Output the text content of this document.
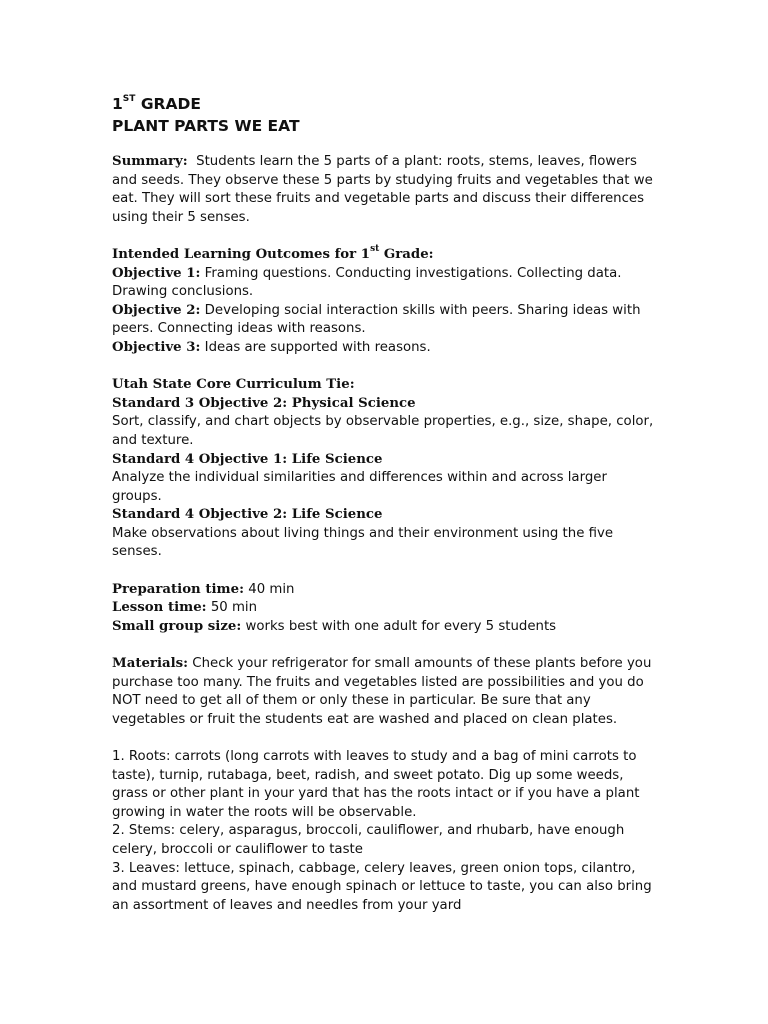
1ST GRADE
PLANT PARTS WE EAT

Summary: Students learn the 5 parts of a plant: roots, stems, leaves, flowers and seeds. They observe these 5 parts by studying fruits and vegetables that we eat. They will sort these fruits and vegetable parts and discuss their differences using their 5 senses.

Intended Learning Outcomes for 1st Grade:

Objective 1: Framing questions. Conducting investigations. Collecting data. Drawing conclusions.

Objective 2: Developing social interaction skills with peers. Sharing ideas with peers. Connecting ideas with reasons.

Objective 3: Ideas are supported with reasons.

Utah State Core Curriculum Tie:

Standard 3 Objective 2: Physical Science

Sort, classify, and chart objects by observable properties, e.g., size, shape, color, and texture.

Standard 4 Objective 1: Life Science

Analyze the individual similarities and differences within and across larger groups.

Standard 4 Objective 2: Life Science

Make observations about living things and their environment using the five senses.

Preparation time: 40 min

Lesson time: 50 min

Small group size: works best with one adult for every 5 students

Materials: Check your refrigerator for small amounts of these plants before you purchase too many. The fruits and vegetables listed are possibilities and you do NOT need to get all of them or only these in particular. Be sure that any vegetables or fruit the students eat are washed and placed on clean plates.

1. Roots: carrots (long carrots with leaves to study and a bag of mini carrots to taste), turnip, rutabaga, beet, radish, and sweet potato. Dig up some weeds, grass or other plant in your yard that has the roots intact or if you have a plant growing in water the roots will be observable.

2. Stems: celery, asparagus, broccoli, cauliflower, and rhubarb, have enough celery, broccoli or cauliflower to taste

3. Leaves: lettuce, spinach, cabbage, celery leaves, green onion tops, cilantro, and mustard greens, have enough spinach or lettuce to taste, you can also bring an assortment of leaves and needles from your yard
